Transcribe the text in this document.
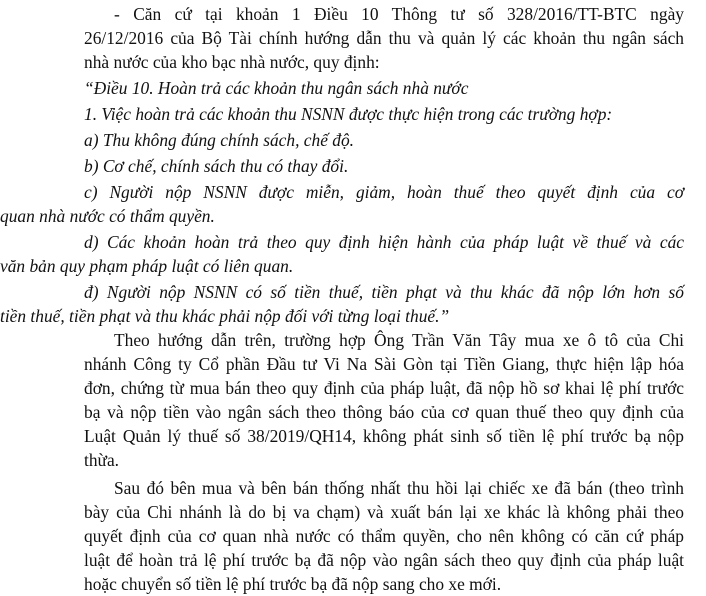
- Căn cứ tại khoản 1 Điều 10 Thông tư số 328/2016/TT-BTC ngày
26/12/2016 của Bộ Tài chính hướng dẫn thu và quản lý các khoản thu ngân sách
nhà nước của kho bạc nhà nước, quy định:
“Điều 10. Hoàn trả các khoản thu ngân sách nhà nước
1. Việc hoàn trả các khoản thu NSNN được thực hiện trong các trường hợp:
a) Thu không đúng chính sách, chế độ.
b) Cơ chế, chính sách thu có thay đổi.
c) Người nộp NSNN được miễn, giảm, hoàn thuế theo quyết định của cơ
quan nhà nước có thẩm quyền.
d) Các khoản hoàn trả theo quy định hiện hành của pháp luật về thuế và các
văn bản quy phạm pháp luật có liên quan.
đ) Người nộp NSNN có số tiền thuế, tiền phạt và thu khác đã nộp lớn hơn số
tiền thuế, tiền phạt và thu khác phải nộp đối với từng loại thuế.”
Theo hướng dẫn trên, trường hợp Ông Trần Văn Tây mua xe ô tô của Chi
nhánh Công ty Cổ phần Đầu tư Vi Na Sài Gòn tại Tiền Giang, thực hiện lập hóa
đơn, chứng từ mua bán theo quy định của pháp luật, đã nộp hồ sơ khai lệ phí trước
bạ và nộp tiền vào ngân sách theo thông báo của cơ quan thuế theo quy định của
Luật Quản lý thuế số 38/2019/QH14, không phát sinh số tiền lệ phí trước bạ nộp
thừa.
Sau đó bên mua và bên bán thống nhất thu hồi lại chiếc xe đã bán (theo trình
bày của Chi nhánh là do bị va chạm) và xuất bán lại xe khác là không phải theo
quyết định của cơ quan nhà nước có thẩm quyền, cho nên không có căn cứ pháp
luật để hoàn trả lệ phí trước bạ đã nộp vào ngân sách theo quy định của pháp luật
hoặc chuyển số tiền lệ phí trước bạ đã nộp sang cho xe mới.
